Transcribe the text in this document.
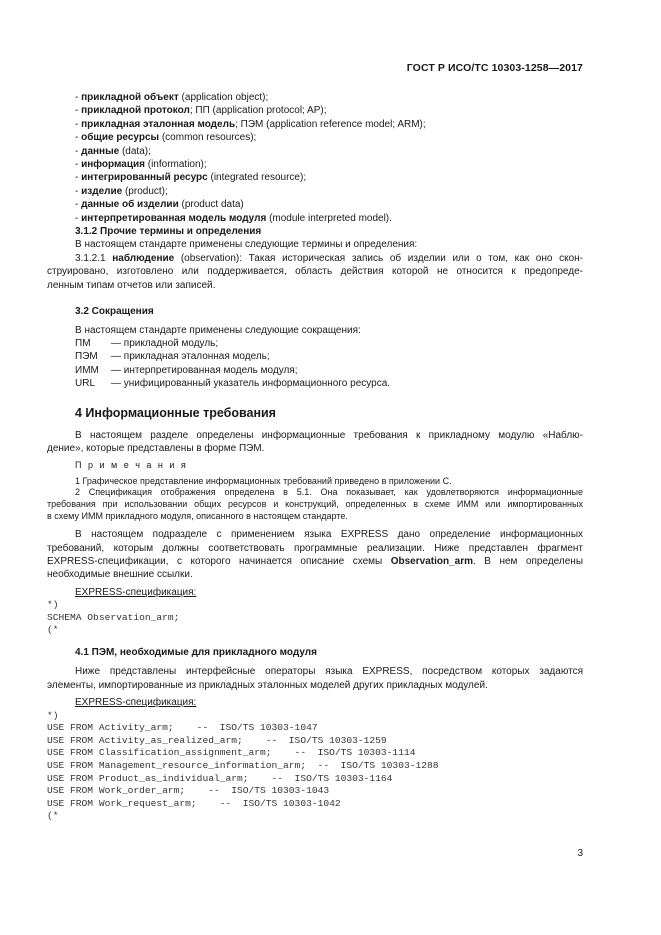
ГОСТ Р ИСО/ТС 10303-1258—2017
- прикладной объект (application object);
- прикладной протокол; ПП (application protocol; AP);
- прикладная эталонная модель; ПЭМ (application reference model; ARM);
- общие ресурсы (common resources);
- данные (data);
- информация (information);
- интегрированный ресурс (integrated resource);
- изделие (product);
- данные об изделии (product data)
- интерпретированная модель модуля (module interpreted model).
3.1.2 Прочие термины и определения
В настоящем стандарте применены следующие термины и определения:
3.1.2.1 наблюдение (observation): Такая историческая запись об изделии или о том, как оно скон-
струировано, изготовлено или поддерживается, область действия которой не относится к предопреде-
ленным типам отчетов или записей.
3.2 Сокращения
В настоящем стандарте применены следующие сокращения:
ПМ	— прикладной модуль;
ПЭМ	— прикладная эталонная модель;
ИММ	— интерпретированная модель модуля;
URL	— унифицированный указатель информационного ресурса.
4 Информационные требования
В настоящем разделе определены информационные требования к прикладному модулю «Наблю-
дение», которые представлены в форме ПЭМ.
П р и м е ч а н и я
1 Графическое представление информационных требований приведено в приложении С.
2 Спецификация отображения определена в 5.1. Она показывает, как удовлетворяются информационные
требования при использовании общих ресурсов и конструкций, определенных в схеме ИММ или импортированных
в схему ИММ прикладного модуля, описанного в настоящем стандарте.
В настоящем подразделе с применением языка EXPRESS дано определение информационных
требований, которым должны соответствовать программные реализации. Ниже представлен фрагмент
EXPRESS-спецификации, с которого начинается описание схемы Observation_arm. В нем определены
необходимые внешние ссылки.
EXPRESS-спецификация:
*)
SCHEMA Observation_arm;
(*
4.1 ПЭМ, необходимые для прикладного модуля
Ниже представлены интерфейсные операторы языка EXPRESS, посредством которых задаются
элементы, импортированные из прикладных эталонных моделей других прикладных модулей.
EXPRESS-спецификация:
*)
USE FROM Activity_arm;    --  ISO/TS 10303-1047
USE FROM Activity_as_realized_arm;    --  ISO/TS 10303-1259
USE FROM Classification_assignment_arm;    --  ISO/TS 10303-1114
USE FROM Management_resource_information_arm;  --  ISO/TS 10303-1288
USE FROM Product_as_individual_arm;    --  ISO/TS 10303-1164
USE FROM Work_order_arm;    --  ISO/TS 10303-1043
USE FROM Work_request_arm;    --  ISO/TS 10303-1042
(*
3
